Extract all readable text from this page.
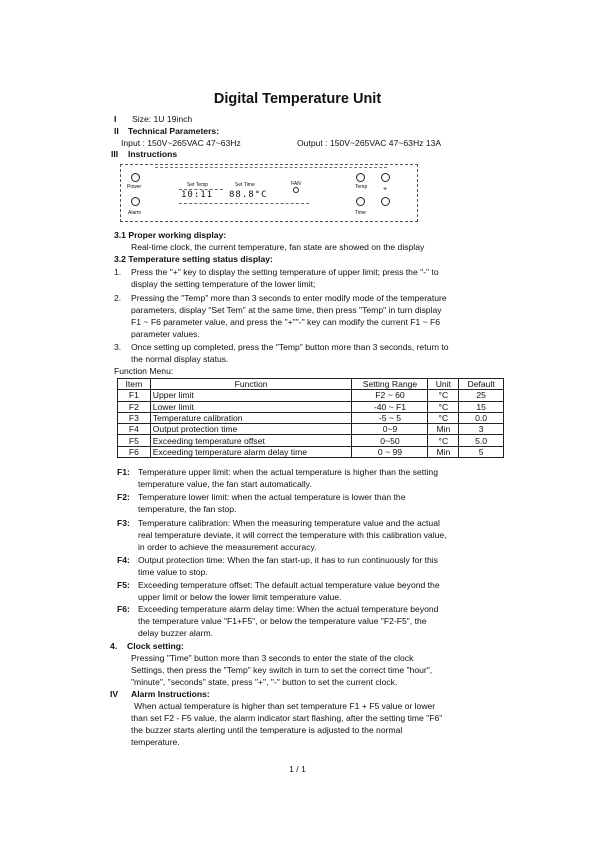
Digital Temperature Unit
I Size: 1U 19inch
II Technical Parameters:
Input : 150V~265VAC 47~63Hz	Output : 150V~265VAC 47~63Hz 13A
III Instructions
Power
Alarm
Set Temp	Set Time	FAN
10:11 88.8°C
Temp
Time
+
3.1 Proper working display:
Real-time clock, the current temperature, fan state are showed on the display
3.2 Temperature setting status display:
1. Press the "+" key to display the setting temperature of upper limit; press the "-" to
display the setting temperature of the lower limit;
2. Pressing the "Temp" more than 3 seconds to enter modify mode of the temperature
parameters, display "Set Tem" at the same time, then press "Temp" in turn display
F1 ~ F6 parameter value, and press the "+""-" key can modify the current F1 ~ F6
parameter values.
3. Once setting up completed, press the "Temp" button more than 3 seconds, return to
the normal display status.
Function Menu:
Item	Function	Setting Range	Unit	Default
F1	Upper limit	F2 ~ 60	°C	25
F2	Lower limit	-40 ~ F1	°C	15
F3	Temperature calibration	-5 ~ 5	°C	0.0
F4	Output protection time	0~9	Min	3
F5	Exceeding temperature offset	0~50	°C	5.0
F6	Exceeding temperature alarm delay time	0 ~ 99	Min	5
F1: Temperature upper limit: when the actual temperature is higher than the setting
temperature value, the fan start automatically.
F2: Temperature lower limit: when the actual temperature is lower than the
temperature, the fan stop.
F3: Temperature calibration: When the measuring temperature value and the actual
real temperature deviate, it will correct the temperature with this calibration value,
in order to achieve the measurement accuracy.
F4: Output protection time: When the fan start-up, it has to run continuously for this
time value to stop.
F5: Exceeding temperature offset: The default actual temperature value beyond the
upper limit or below the lower limit temperature value.
F6: Exceeding temperature alarm delay time: When the actual temperature beyond
the temperature value "F1+F5", or below the temperature value "F2-F5", the
delay buzzer alarm.
4. Clock setting:
Pressing "Time" button more than 3 seconds to enter the state of the clock
Settings, then press the "Temp" key switch in turn to set the correct time "hour",
"minute", "seconds" state, press "+", "-" button to set the current clock.
IV Alarm Instructions:
When actual temperature is higher than set temperature F1 + F5 value or lower
than set F2 - F5 value, the alarm indicator start flashing, after the setting time "F6"
the buzzer starts alerting until the temperature is adjusted to the normal
temperature.
1 / 1
